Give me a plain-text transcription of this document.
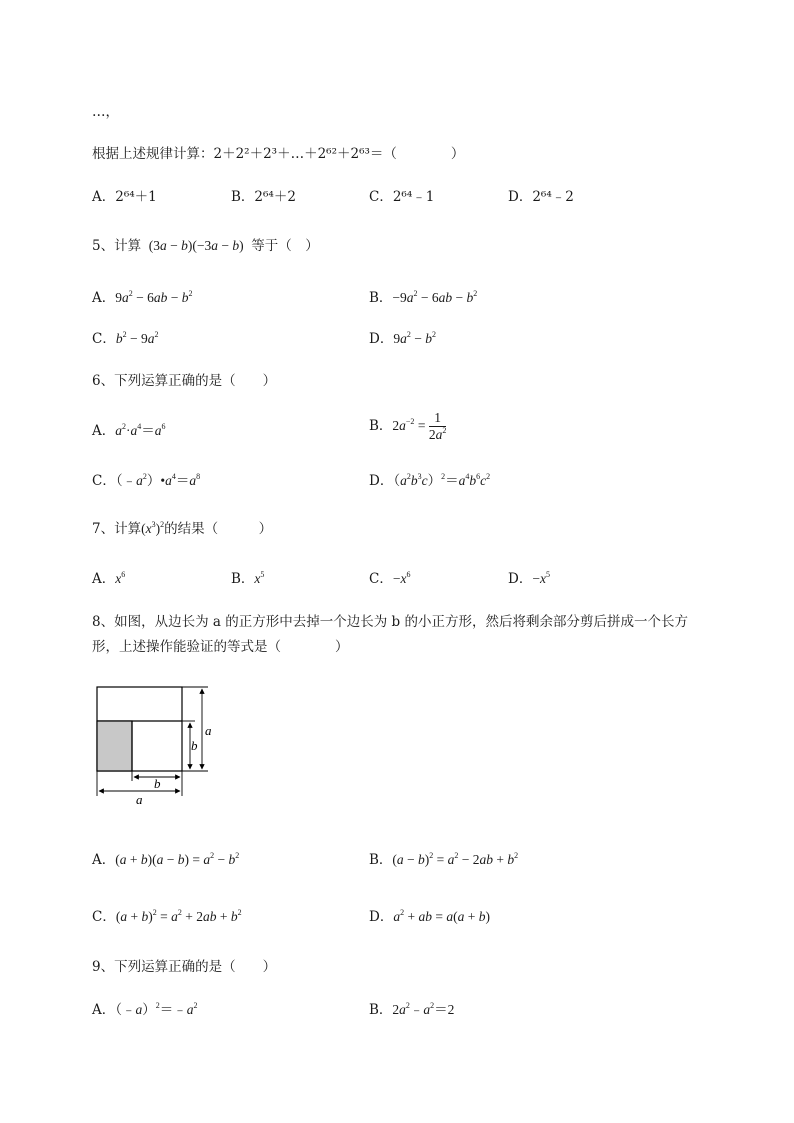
…，
根据上述规律计算：2＋2²＋2³＋…＋2⁶²＋2⁶³＝（　　　　）
A．2⁶⁴＋1	B．2⁶⁴＋2	C．2⁶⁴﹣1	D．2⁶⁴﹣2
5、计算  (3a − b)(−3a − b)  等于（　）
A．$9a^2 - 6ab - b^2$	B．$-9a^2 - 6ab - b^2$
C．$b^2 - 9a^2$	D．$9a^2 - b^2$
6、下列运算正确的是（　　）
A．$a^2\cdot a^4=a^6$	B．$2a^{-2} = \frac{1}{2a^2}$
C．$(﹣a^2)•a^4=a^8$	D．$(a^2b^3c)^2=a^4b^6c^2$
7、计算$(x^3)^2$的结果（　　　）
A．$x^6$	B．$x^5$	C．$-x^6$	D．$-x^5$
8、如图，从边长为 a 的正方形中去掉一个边长为 b 的小正方形，然后将剩余部分剪后拼成一个长方
形，上述操作能验证的等式是（　　　　）
a
b
b
a
A．$(a + b)(a - b) = a^2 - b^2$	B．$(a - b)^2 = a^2 - 2ab + b^2$
C．$(a + b)^2 = a^2 + 2ab + b^2$	D．$a^2$ + ab = a(a + b)
9、下列运算正确的是（　　）
A．$(﹣a)^2=﹣a^2$	B．$2a^2﹣a^2=2$
